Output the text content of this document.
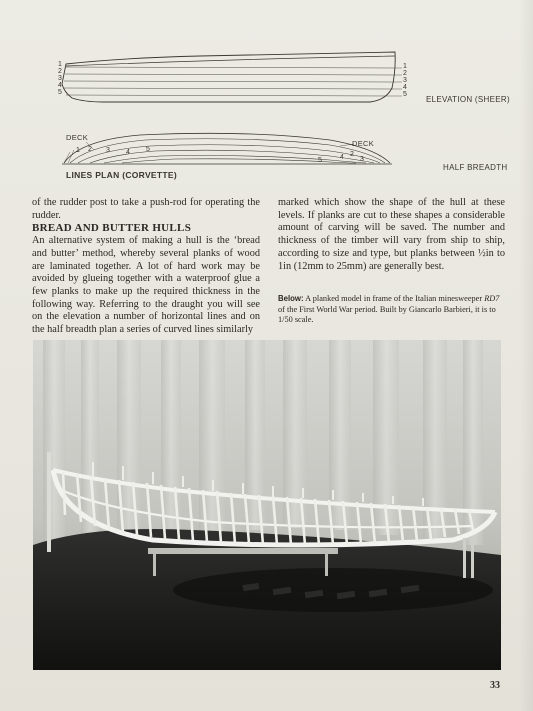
1
2
3
4
5
1
2
3
4
5
ELEVATION (SHEER)
DECK
DECK
1 2 3 4 5
5	4 3
2
HALF BREADTH
LINES PLAN (CORVETTE)

of the rudder post to take a push-rod for operating the rudder.

BREAD AND BUTTER HULLS

An alternative system of making a hull is the ‘bread and butter’ method, whereby several planks of wood are laminated together. A lot of hard work may be avoided by glueing together with a waterproof glue a few planks to make up the required thickness in the following way. Referring to the draught you will see on the elevation a number of horizontal lines and on the half breadth plan a series of curved lines similarly

marked which show the shape of the hull at these levels. If planks are cut to these shapes a considerable amount of carving will be saved. The number and thickness of the timber will vary from ship to ship, according to size and type, but planks between ½in to 1in (12mm to 25mm) are generally best.

Below: A planked model in frame of the Italian minesweeper RD7 of the First World War period. Built by Giancarlo Barbieri, it is to 1/50 scale.
33
